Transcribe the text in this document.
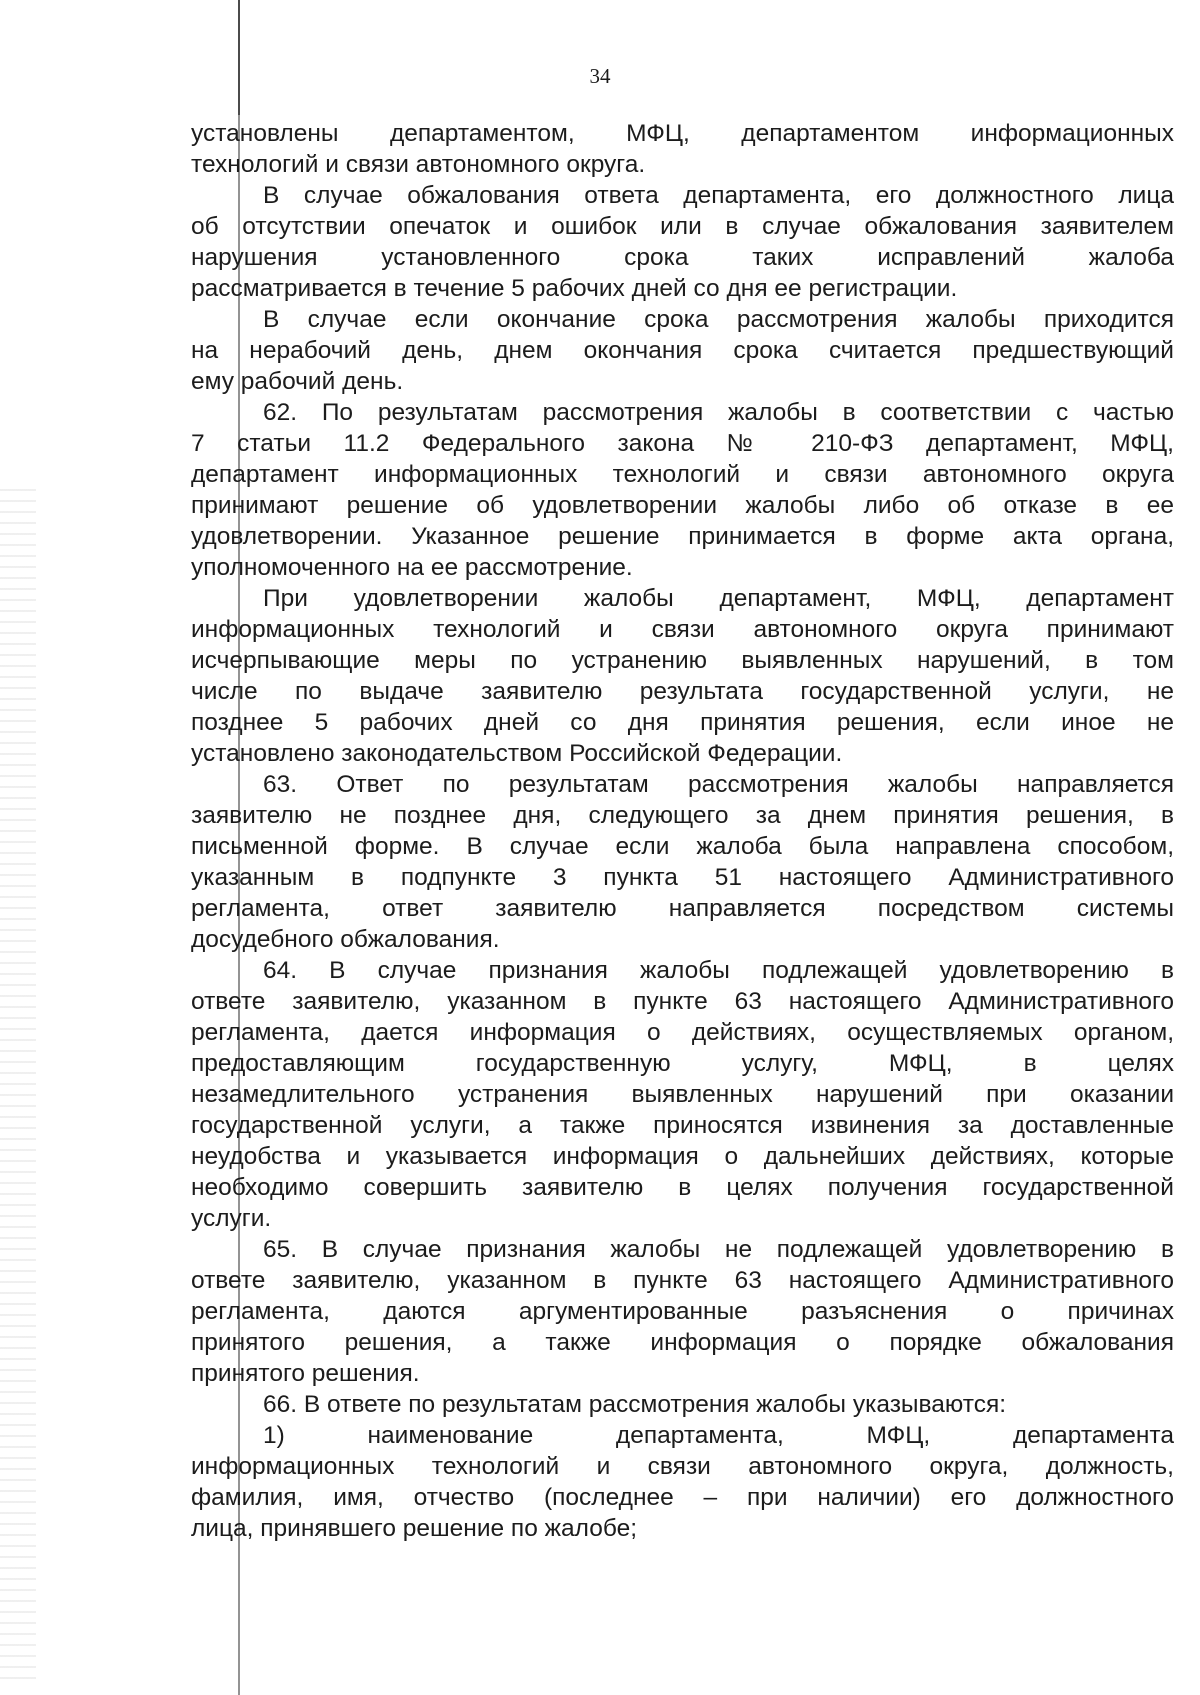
34
установлены департаментом, МФЦ, департаментом информационных
технологий и связи автономного округа.
В случае обжалования ответа департамента, его должностного лица
об отсутствии опечаток и ошибок или в случае обжалования заявителем
нарушения установленного срока таких исправлений жалоба
рассматривается в течение 5 рабочих дней со дня ее регистрации.
В случае если окончание срока рассмотрения жалобы приходится
на нерабочий день, днем окончания срока считается предшествующий
ему рабочий день.
62. По результатам рассмотрения жалобы в соответствии с частью
7 статьи 11.2 Федерального закона № 210-ФЗ департамент, МФЦ,
департамент информационных технологий и связи автономного округа
принимают решение об удовлетворении жалобы либо об отказе в ее
удовлетворении. Указанное решение принимается в форме акта органа,
уполномоченного на ее рассмотрение.
При удовлетворении жалобы департамент, МФЦ, департамент
информационных технологий и связи автономного округа принимают
исчерпывающие меры по устранению выявленных нарушений, в том
числе по выдаче заявителю результата государственной услуги, не
позднее 5 рабочих дней со дня принятия решения, если иное не
установлено законодательством Российской Федерации.
63. Ответ по результатам рассмотрения жалобы направляется
заявителю не позднее дня, следующего за днем принятия решения, в
письменной форме. В случае если жалоба была направлена способом,
указанным в подпункте 3 пункта 51 настоящего Административного
регламента, ответ заявителю направляется посредством системы
досудебного обжалования.
64. В случае признания жалобы подлежащей удовлетворению в
ответе заявителю, указанном в пункте 63 настоящего Административного
регламента, дается информация о действиях, осуществляемых органом,
предоставляющим государственную услугу, МФЦ, в целях
незамедлительного устранения выявленных нарушений при оказании
государственной услуги, а также приносятся извинения за доставленные
неудобства и указывается информация о дальнейших действиях, которые
необходимо совершить заявителю в целях получения государственной
услуги.
65. В случае признания жалобы не подлежащей удовлетворению в
ответе заявителю, указанном в пункте 63 настоящего Административного
регламента, даются аргументированные разъяснения о причинах
принятого решения, а также информация о порядке обжалования
принятого решения.
66. В ответе по результатам рассмотрения жалобы указываются:
1) наименование департамента, МФЦ, департамента
информационных технологий и связи автономного округа, должность,
фамилия, имя, отчество (последнее – при наличии) его должностного
лица, принявшего решение по жалобе;
